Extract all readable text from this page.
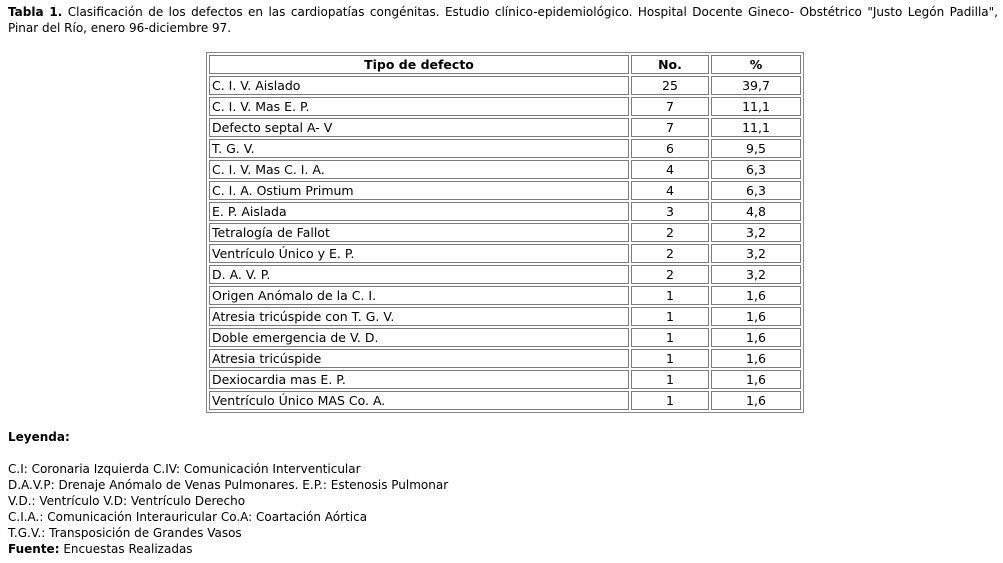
Tabla 1. Clasificación de los defectos en las cardiopatías congénitas. Estudio clínico-epidemiológico. Hospital Docente Gineco- Obstétrico "Justo Legón Padilla", Pinar del Río, enero 96-diciembre 97.

Tipo de defecto	No.	%
C. I. V. Aislado	25	39,7
C. I. V. Mas E. P.	7	11,1
Defecto septal A- V	7	11,1
T. G. V.	6	9,5
C. I. V. Mas C. I. A.	4	6,3
C. I. A. Ostium Primum	4	6,3
E. P. Aislada	3	4,8
Tetralogía de Fallot	2	3,2
Ventrículo Único y E. P.	2	3,2
D. A. V. P.	2	3,2
Origen Anómalo de la C. I.	1	1,6
Atresia tricúspide con T. G. V.	1	1,6
Doble emergencia de V. D.	1	1,6
Atresia tricúspide	1	1,6
Dexiocardia mas E. P.	1	1,6
Ventrículo Único MAS Co. A.	1	1,6

Leyenda:

C.I: Coronaria Izquierda C.IV: Comunicación Interventicular
D.A.V.P: Drenaje Anómalo de Venas Pulmonares. E.P.: Estenosis Pulmonar
V.D.: Ventrículo V.D: Ventrículo Derecho
C.I.A.: Comunicación Interauricular Co.A: Coartación Aórtica
T.G.V.: Transposición de Grandes Vasos
Fuente: Encuestas Realizadas
